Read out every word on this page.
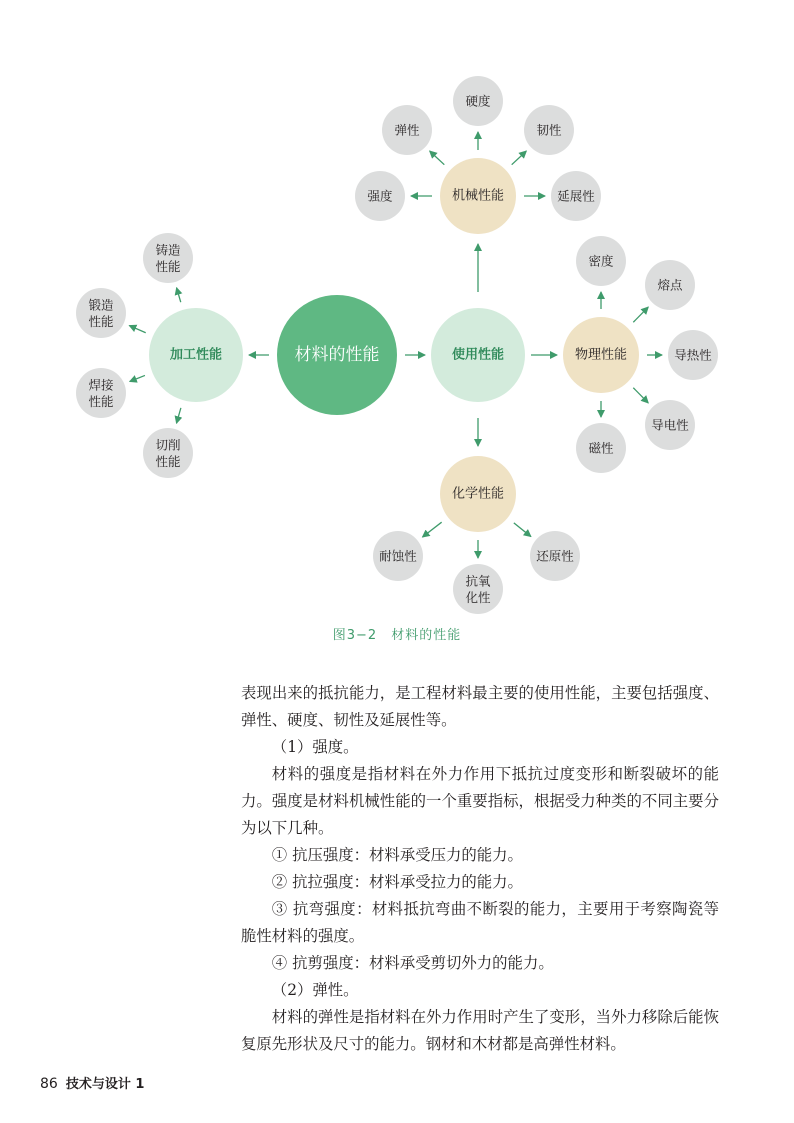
材料的性能
加工性能	使用性能
机械性能
物理性能
化学性能
铸造
性能
锻造
性能
焊接
性能
切削
性能
硬度
弹性	韧性
强度	延展性
密度
熔点
导热性
导电性
磁性
耐蚀性
抗氧
化性
还原性
图3−2 材料的性能

表现出来的抵抗能力，是工程材料最主要的使用性能，主要包括强度、弹性、硬度、韧性及延展性等。

（1）强度。

材料的强度是指材料在外力作用下抵抗过度变形和断裂破坏的能力。强度是材料机械性能的一个重要指标，根据受力种类的不同主要分为以下几种。

① 抗压强度：材料承受压力的能力。

② 抗拉强度：材料承受拉力的能力。

③ 抗弯强度：材料抵抗弯曲不断裂的能力，主要用于考察陶瓷等脆性材料的强度。

④ 抗剪强度：材料承受剪切外力的能力。

（2）弹性。

材料的弹性是指材料在外力作用时产生了变形，当外力移除后能恢复原先形状及尺寸的能力。钢材和木材都是高弹性材料。

86 技术与设计 1
